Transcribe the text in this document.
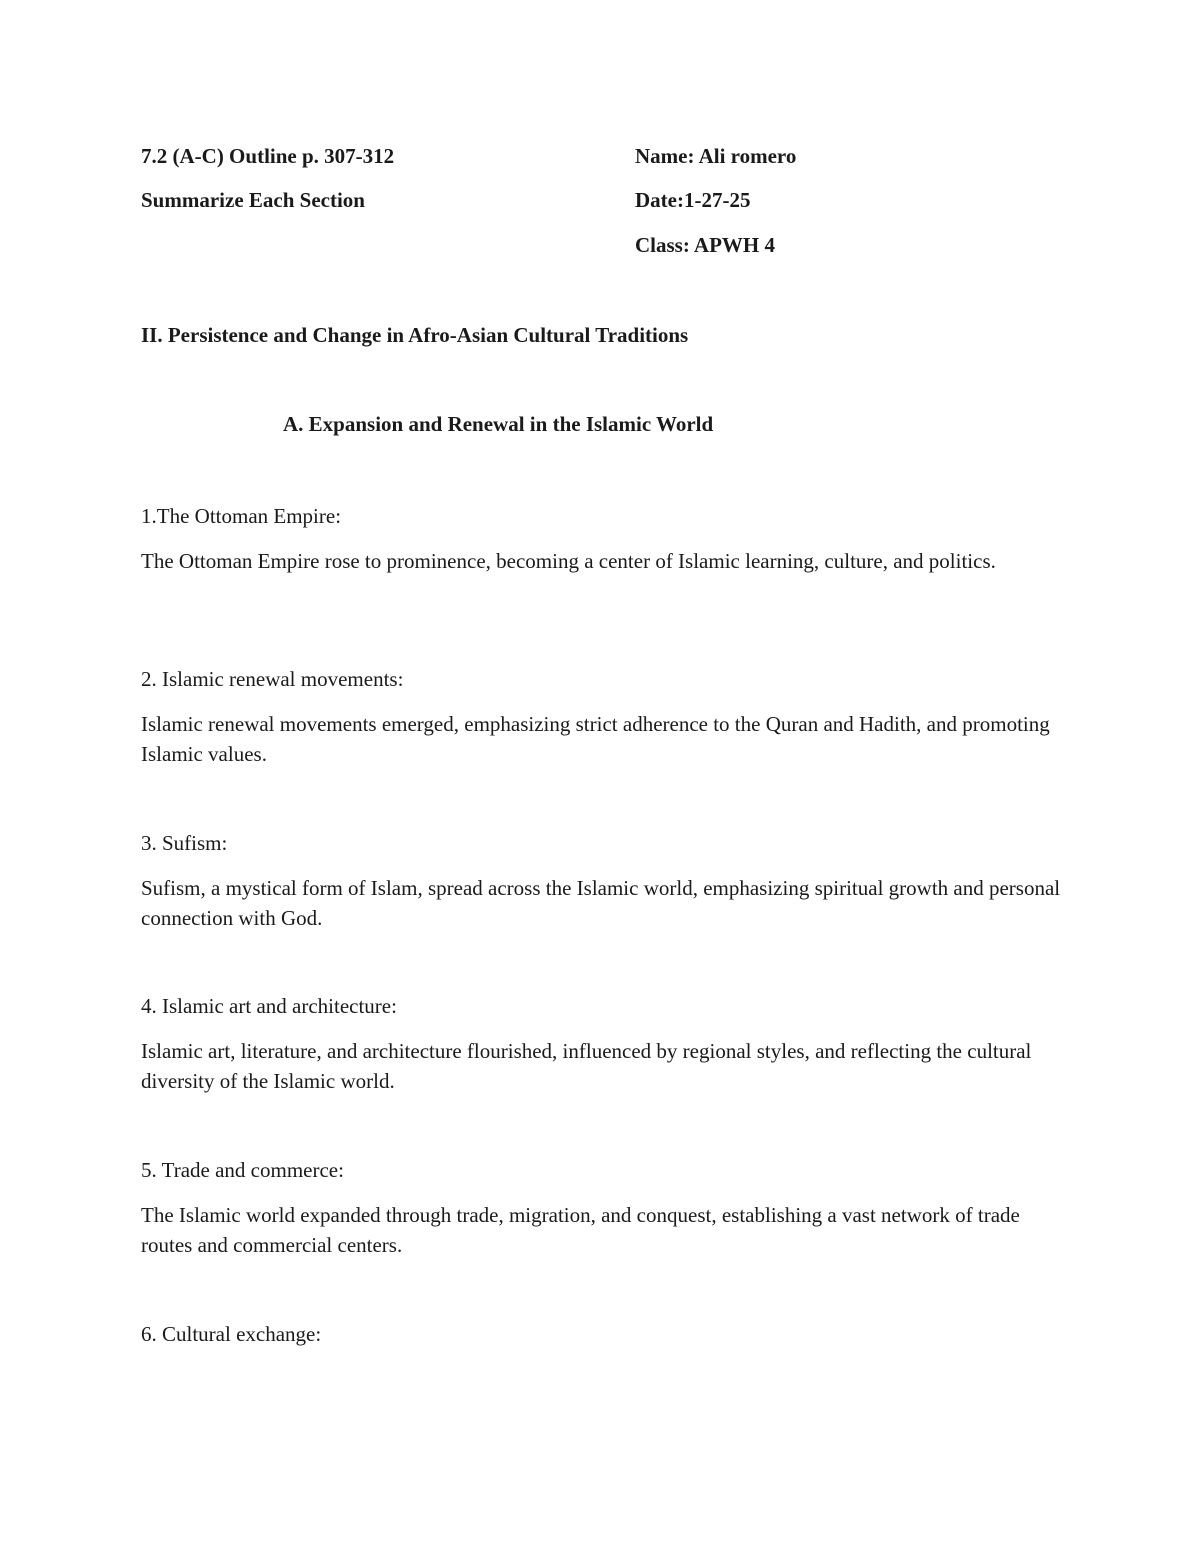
7.2 (A-C) Outline p. 307-312
Summarize Each Section
Name: Ali romero
Date:1-27-25
Class: APWH 4
II. Persistence and Change in Afro-Asian Cultural Traditions
A. Expansion and Renewal in the Islamic World

1.The Ottoman Empire:

The Ottoman Empire rose to prominence, becoming a center of Islamic learning, culture, and politics.

2. Islamic renewal movements:

Islamic renewal movements emerged, emphasizing strict adherence to the Quran and Hadith, and promoting Islamic values.

3. Sufism:

Sufism, a mystical form of Islam, spread across the Islamic world, emphasizing spiritual growth and personal connection with God.

4. Islamic art and architecture:

Islamic art, literature, and architecture flourished, influenced by regional styles, and reflecting the cultural diversity of the Islamic world.

5. Trade and commerce:

The Islamic world expanded through trade, migration, and conquest, establishing a vast network of trade routes and commercial centers.

6. Cultural exchange:
